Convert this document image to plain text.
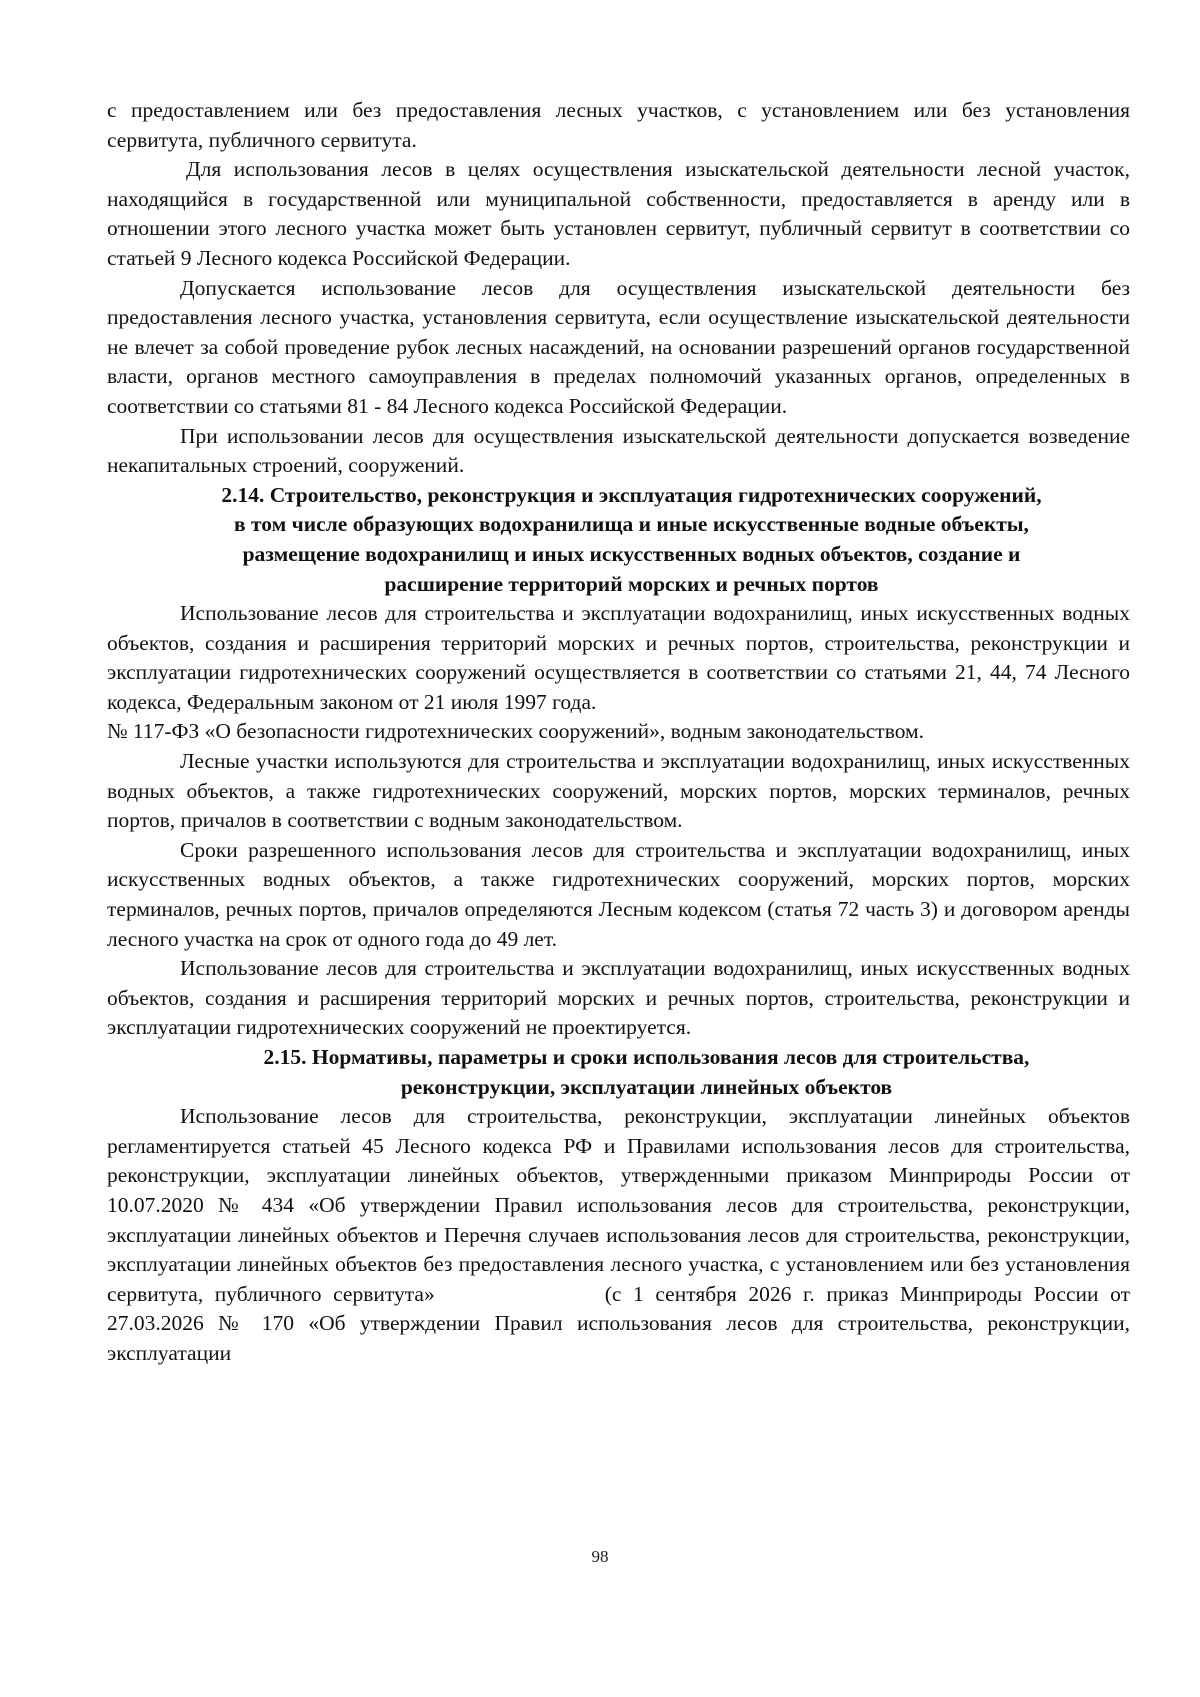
с предоставлением или без предоставления лесных участков, с установлением или без установления сервитута, публичного сервитута.

Для использования лесов в целях осуществления изыскательской деятельности лесной участок, находящийся в государственной или муниципальной собственности, предоставляется в аренду или в отношении этого лесного участка может быть установлен сервитут, публичный сервитут в соответствии со статьей 9 Лесного кодекса Российской Федерации.

Допускается использование лесов для осуществления изыскательской деятельности без предоставления лесного участка, установления сервитута, если осуществление изыскательской деятельности не влечет за собой проведение рубок лесных насаждений, на основании разрешений органов государственной власти, органов местного самоуправления в пределах полномочий указанных органов, определенных в соответствии со статьями 81 - 84 Лесного кодекса Российской Федерации.

При использовании лесов для осуществления изыскательской деятельности допускается возведение некапитальных строений, сооружений.

2.14. Строительство, реконструкция и эксплуатация гидротехнических сооружений,
в том числе образующих водохранилища и иные искусственные водные объекты,
размещение водохранилищ и иных искусственных водных объектов, создание и
расширение территорий морских и речных портов

Использование лесов для строительства и эксплуатации водохранилищ, иных искусственных водных объектов, создания и расширения территорий морских и речных портов, строительства, реконструкции и эксплуатации гидротехнических сооружений осуществляется в соответствии со статьями 21, 44, 74 Лесного кодекса, Федеральным законом от 21 июля 1997 года.

№ 117-ФЗ «О безопасности гидротехнических сооружений», водным законодательством.

Лесные участки используются для строительства и эксплуатации водохранилищ, иных искусственных водных объектов, а также гидротехнических сооружений, морских портов, морских терминалов, речных портов, причалов в соответствии с водным законодательством.

Сроки разрешенного использования лесов для строительства и эксплуатации водохранилищ, иных искусственных водных объектов, а также гидротехнических сооружений, морских портов, морских терминалов, речных портов, причалов определяются Лесным кодексом (статья 72 часть 3) и договором аренды лесного участка на срок от одного года до 49 лет.

Использование лесов для строительства и эксплуатации водохранилищ, иных искусственных водных объектов, создания и расширения территорий морских и речных портов, строительства, реконструкции и эксплуатации гидротехнических сооружений не проектируется.

2.15. Нормативы, параметры и сроки использования лесов для строительства,
реконструкции, эксплуатации линейных объектов

Использование лесов для строительства, реконструкции, эксплуатации линейных объектов регламентируется статьей 45 Лесного кодекса РФ и Правилами использования лесов для строительства, реконструкции, эксплуатации линейных объектов, утвержденными приказом Минприроды России от 10.07.2020 № 434 «Об утверждении Правил использования лесов для строительства, реконструкции, эксплуатации линейных объектов и Перечня случаев использования лесов для строительства, реконструкции, эксплуатации линейных объектов без предоставления лесного участка, с установлением или без установления сервитута, публичного сервитута»	(с 1 сентября 2026 г. приказ Минприроды России от 27.03.2026 № 170 «Об утверждении Правил использования лесов для строительства, реконструкции, эксплуатации

98
